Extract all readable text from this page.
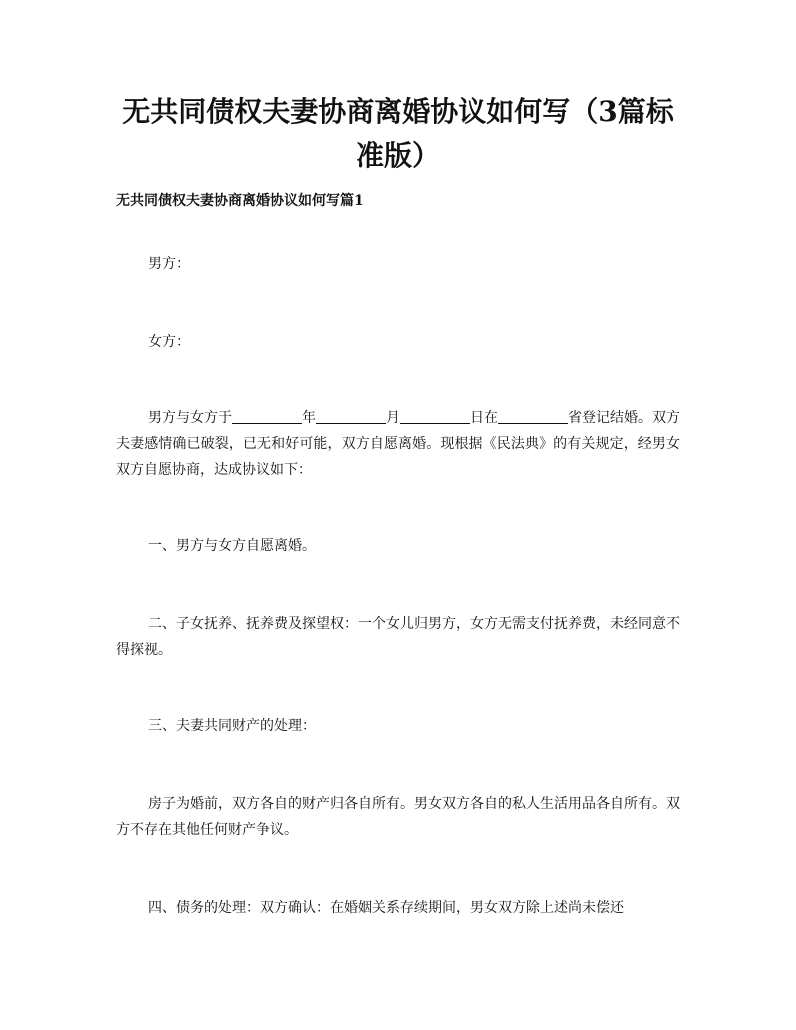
无共同债权夫妻协商离婚协议如何写（3篇标准版）
无共同债权夫妻协商离婚协议如何写篇1

男方：

女方：

男方与女方于	年	月	日在	省登记结婚。双方夫妻感情确已破裂，已无和好可能，双方自愿离婚。现根据《民法典》的有关规定，经男女双方自愿协商，达成协议如下：

一、男方与女方自愿离婚。

二、子女抚养、抚养费及探望权：一个女儿归男方，女方无需支付抚养费，未经同意不得探视。

三、夫妻共同财产的处理：

房子为婚前，双方各自的财产归各自所有。男女双方各自的私人生活用品各自所有。双方不存在其他任何财产争议。

四、债务的处理：双方确认：在婚姻关系存续期间，男女双方除上述尚未偿还
